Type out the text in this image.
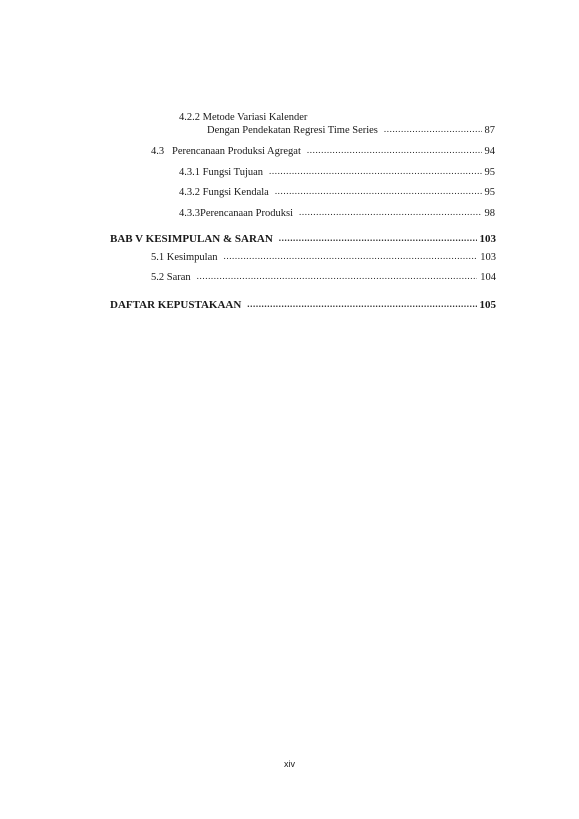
4.2.2 Metode Variasi Kalender
Dengan Pendekatan Regresi Time Series .....	87
4.3   Perencanaan Produksi Agregat .....	94
4.3.1 Fungsi Tujuan .....	95
4.3.2 Fungsi Kendala .....	95
4.3.3Perencanaan Produksi .....	98
BAB V KESIMPULAN & SARAN .....	103
5.1 Kesimpulan .....	103
5.2 Saran .....	104
DAFTAR KEPUSTAKAAN .....	105
xiv
